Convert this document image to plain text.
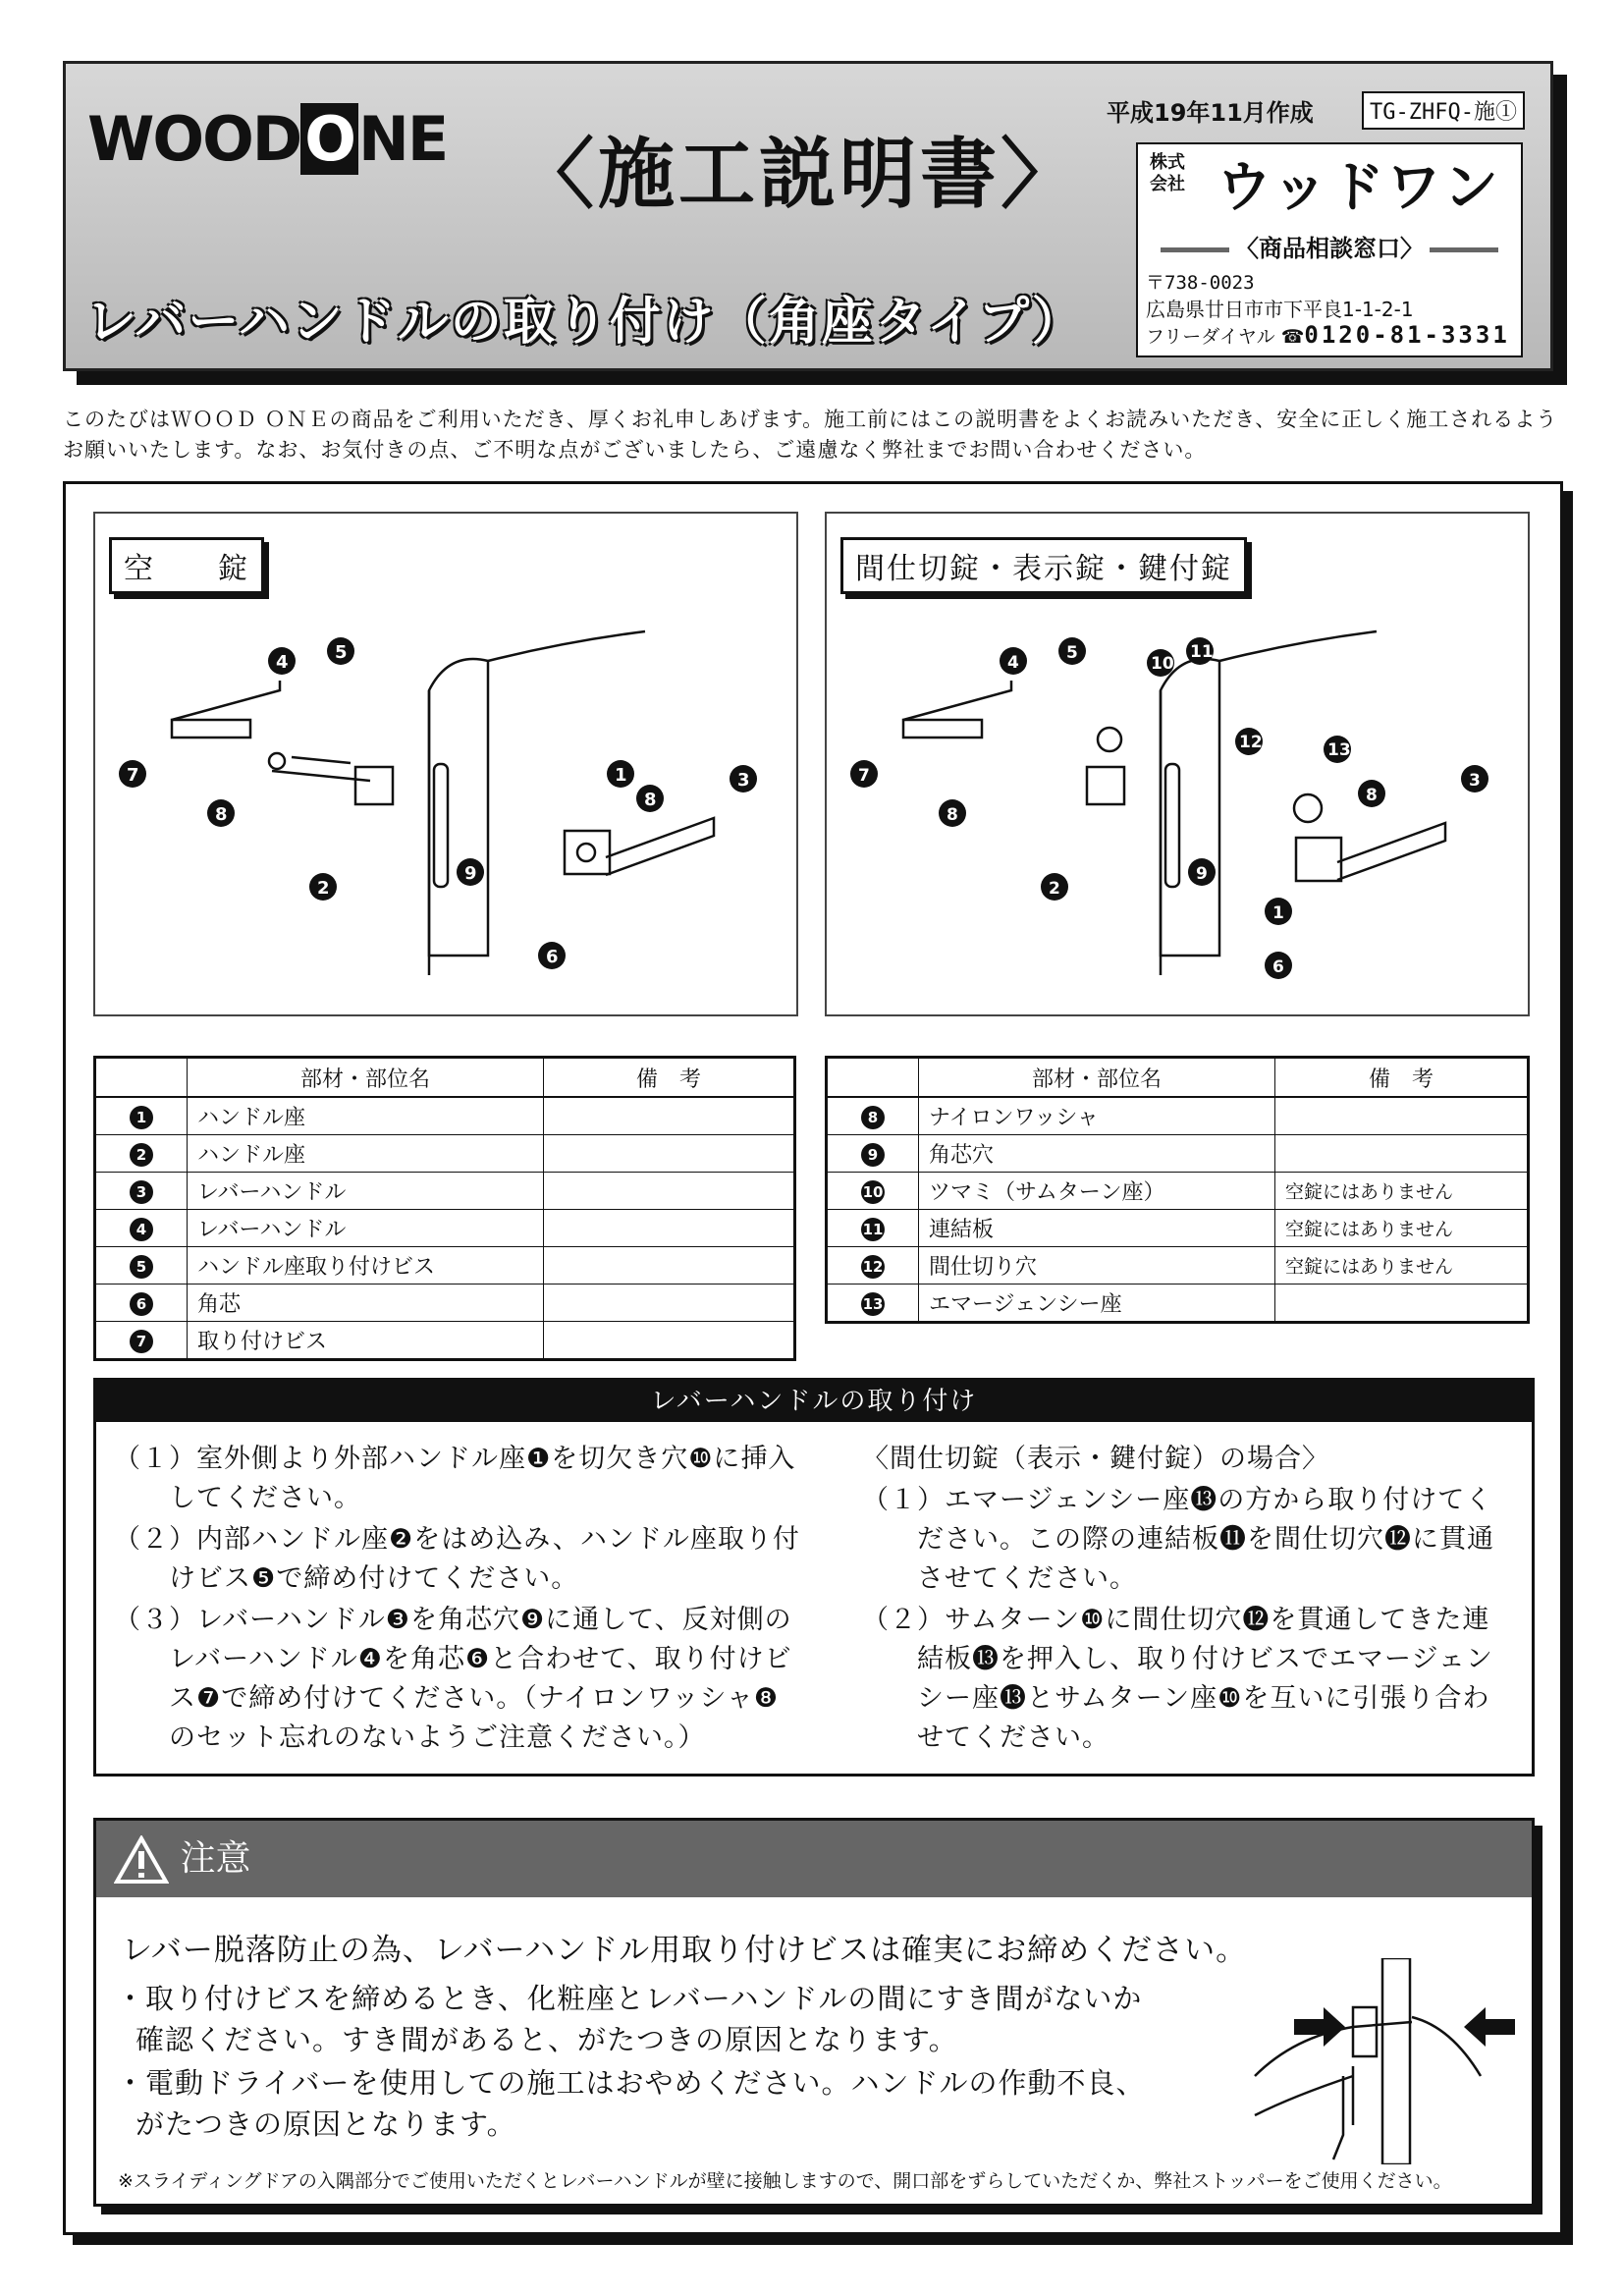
WOODONE 〈施工説明書〉
レバーハンドルの取り付け（角座タイプ）
平成19年11月作成	TG-ZHFQ-施①
株式会社 ウッドワン
〈商品相談窓口〉
〒738-0023
広島県廿日市市下平良1-1-2-1
フリーダイヤル ☎0120-81-3331
このたびはＷＯＯＤ ＯＮＥの商品をご利用いただき、厚くお礼申しあげます。施工前にはこの説明書をよくお読みいただき、安全に正しく施工されるようお願いいたします。なお、お気付きの点、ご不明な点がございましたら、ご遠慮なく弊社までお問い合わせください。
4	5
7
8
2
1
8
3
9
6
空　　錠
4	5
10
11
12	13
7
8
2
8
3
9
1
6
間仕切錠・表示錠・鍵付錠
	部材・部位名	備　考
1	ハンドル座	
2	ハンドル座	
3	レバーハンドル	
4	レバーハンドル	
5	ハンドル座取り付けビス	
6	角芯	
7	取り付けビス	
	部材・部位名	備　考
8	ナイロンワッシャ	
9	角芯穴	
10	ツマミ（サムターン座）	空錠にはありません
11	連結板	空錠にはありません
12	間仕切り穴	空錠にはありません
13	エマージェンシー座	
レバーハンドルの取り付け

（１）室外側より外部ハンドル座❶を切欠き穴❿に挿入してください。

（２）内部ハンドル座❷をはめ込み、ハンドル座取り付けビス❺で締め付けてください。

（３）レバーハンドル❸を角芯穴❾に通して、反対側のレバーハンドル❹を角芯❻と合わせて、取り付けビス❼で締め付けてください。（ナイロンワッシャ❽のセット忘れのないようご注意ください。）

〈間仕切錠（表示・鍵付錠）の場合〉

（１）エマージェンシー座⓭の方から取り付けてください。この際の連結板⓫を間仕切穴⓬に貫通させてください。

（２）サムターン❿に間仕切穴⓬を貫通してきた連結板⓭を押入し、取り付けビスでエマージェンシー座⓭とサムターン座❿を互いに引張り合わせてください。

注意
レバー脱落防止の為、レバーハンドル用取り付けビスは確実にお締めください。
・取り付けビスを締めるとき、化粧座とレバーハンドルの間にすき間がないか確認ください。すき間があると、がたつきの原因となります。
・電動ドライバーを使用しての施工はおやめください。ハンドルの作動不良、がたつきの原因となります。
※スライディングドアの入隅部分でご使用いただくとレバーハンドルが壁に接触しますので、開口部をずらしていただくか、弊社ストッパーをご使用ください。
